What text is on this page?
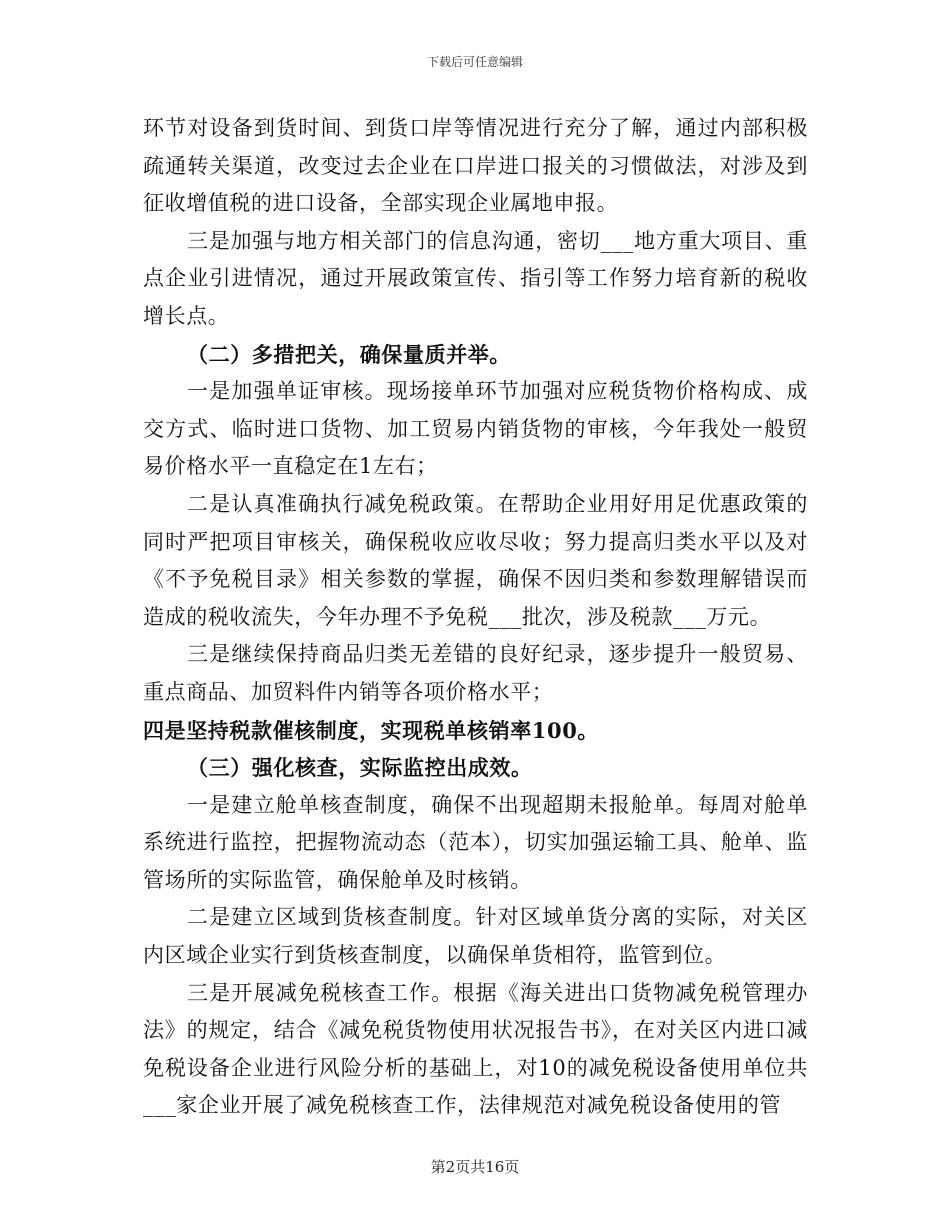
下载后可任意编辑

环节对设备到货时间、到货口岸等情况进行充分了解，通过内部积极疏通转关渠道，改变过去企业在口岸进口报关的习惯做法，对涉及到征收增值税的进口设备，全部实现企业属地申报。

三是加强与地方相关部门的信息沟通，密切___地方重大项目、重点企业引进情况，通过开展政策宣传、指引等工作努力培育新的税收增长点。

（二）多措把关，确保量质并举。

一是加强单证审核。现场接单环节加强对应税货物价格构成、成交方式、临时进口货物、加工贸易内销货物的审核，今年我处一般贸易价格水平一直稳定在1左右；

二是认真准确执行减免税政策。在帮助企业用好用足优惠政策的同时严把项目审核关，确保税收应收尽收；努力提高归类水平以及对《不予免税目录》相关参数的掌握，确保不因归类和参数理解错误而造成的税收流失，今年办理不予免税___批次，涉及税款___万元。

三是继续保持商品归类无差错的良好纪录，逐步提升一般贸易、重点商品、加贸料件内销等各项价格水平；

四是坚持税款催核制度，实现税单核销率100。

（三）强化核查，实际监控出成效。

一是建立舱单核查制度，确保不出现超期未报舱单。每周对舱单系统进行监控，把握物流动态（范本），切实加强运输工具、舱单、监管场所的实际监管，确保舱单及时核销。

二是建立区域到货核查制度。针对区域单货分离的实际，对关区内区域企业实行到货核查制度，以确保单货相符，监管到位。

三是开展减免税核查工作。根据《海关进出口货物减免税管理办法》的规定，结合《减免税货物使用状况报告书》，在对关区内进口减免税设备企业进行风险分析的基础上，对10的减免税设备使用单位共___家企业开展了减免税核查工作，法律规范对减免税设备使用的管

第2页共16页
